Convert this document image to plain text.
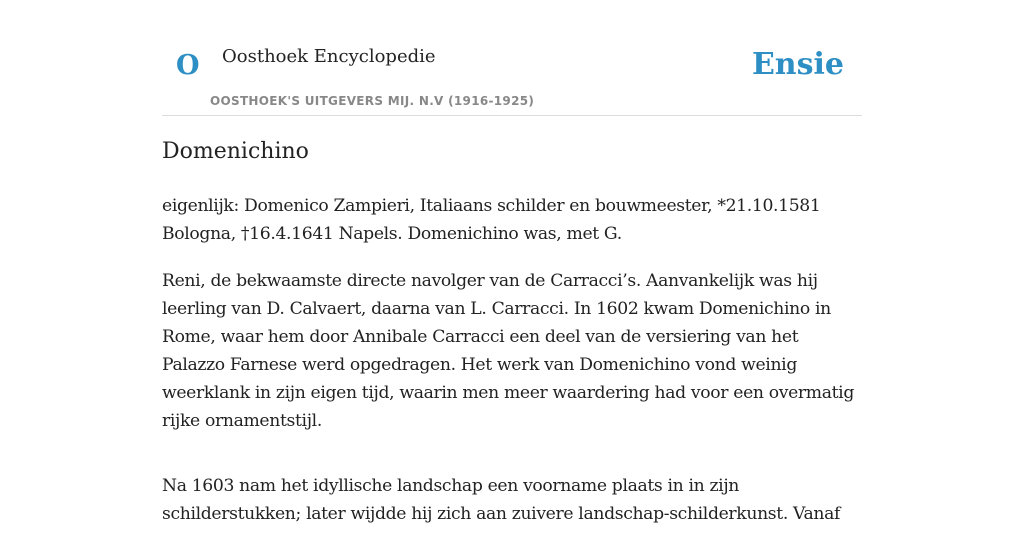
O Oosthoek Encyclopedie
OOSTHOEK'S UITGEVERS MIJ. N.V (1916-1925)
Ensie
Domenichino

eigenlijk: Domenico Zampieri, Italiaans schilder en bouwmeester, *21.10.1581 Bologna, †16.4.1641 Napels. Domenichino was, met G.

Reni, de bekwaamste directe navolger van de Carracci’s. Aanvankelijk was hij leerling van D. Calvaert, daarna van L. Carracci. In 1602 kwam Domenichino in Rome, waar hem door Annibale Carracci een deel van de versiering van het Palazzo Farnese werd opgedragen. Het werk van Domenichino vond weinig weerklank in zijn eigen tijd, waarin men meer waardering had voor een overmatig rijke ornamentstijl.

Na 1603 nam het idyllische landschap een voorname plaats in in zijn schilderstukken; later wijdde hij zich aan zuivere landschap-schilderkunst. Vanaf
